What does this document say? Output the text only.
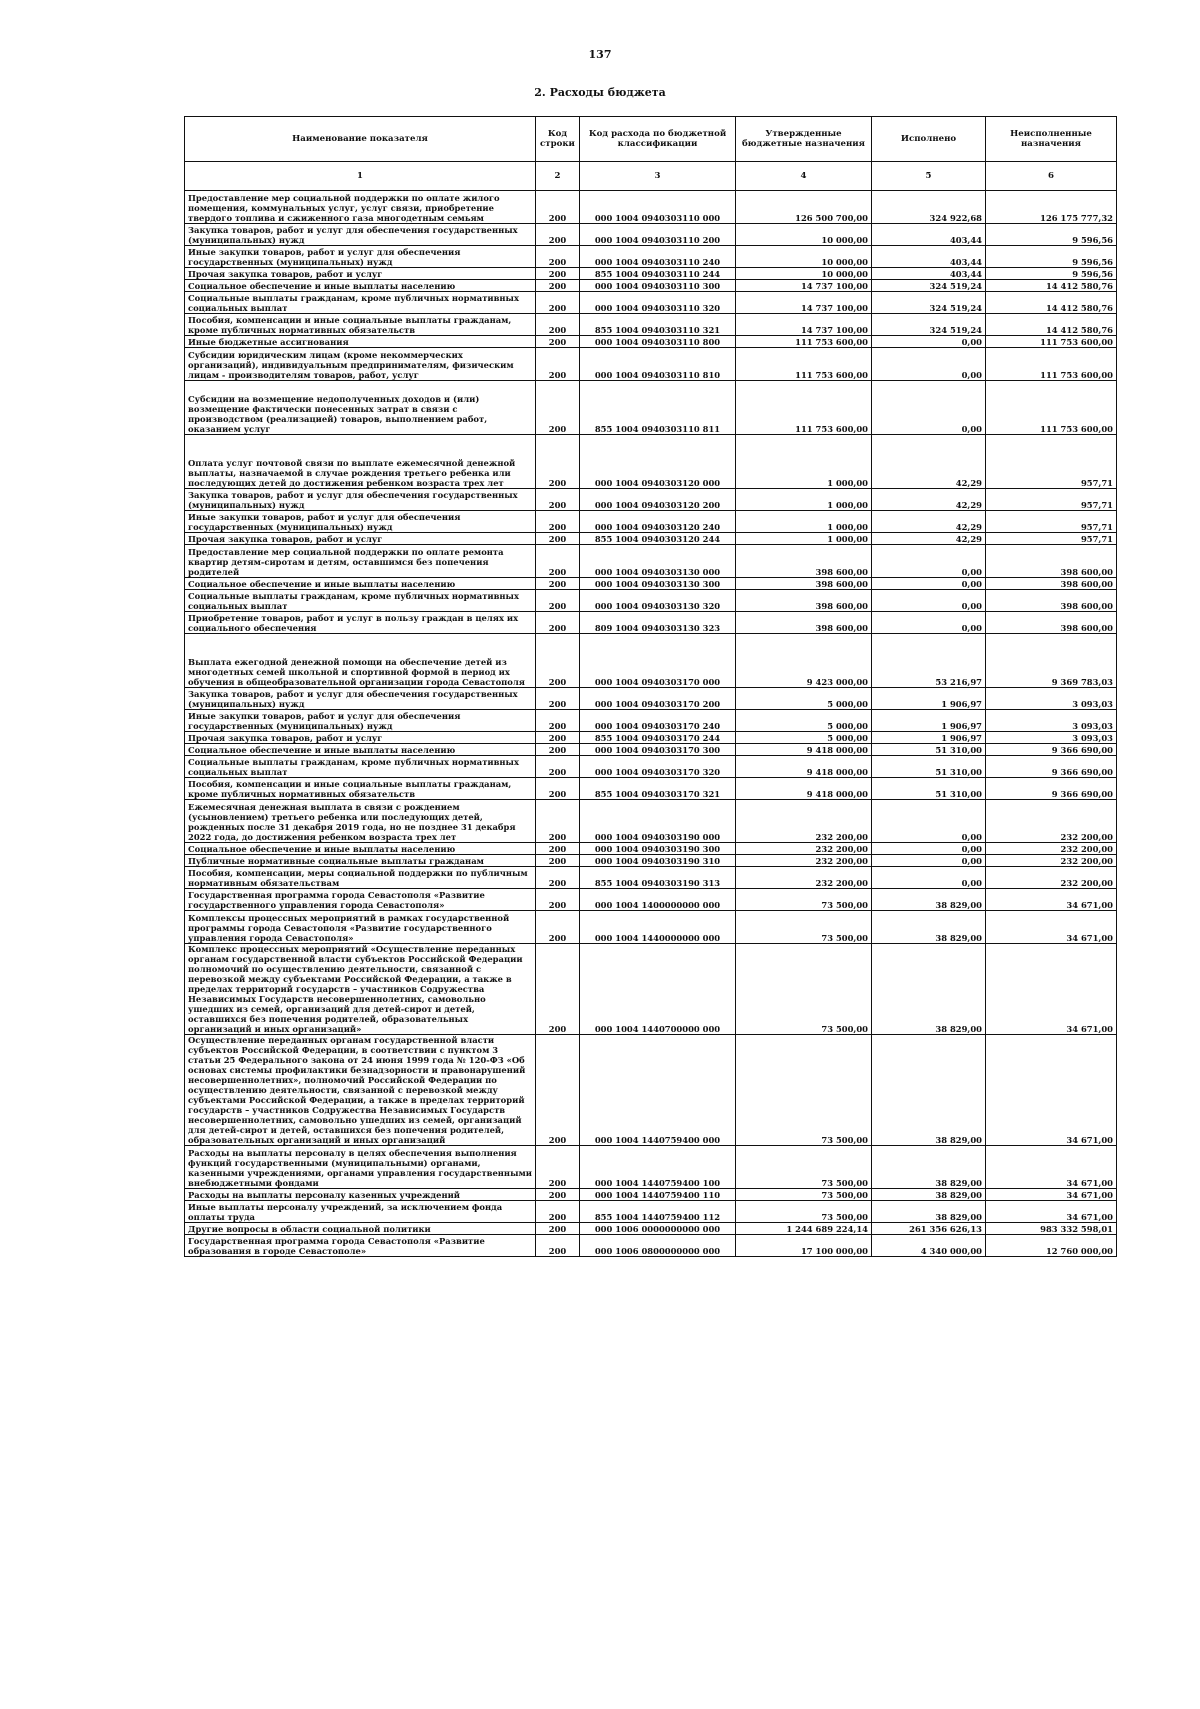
137
2. Расходы бюджета
Наименование показателя	Код строки	Код расхода по бюджетной классификации	Утвержденные бюджетные назначения	Исполнено	Неисполненные назначения
1	2	3	4	5	6
Предоставление мер социальной поддержки по оплате жилого помещения, коммунальных услуг, услуг связи, приобретение твердого топлива и сжиженного газа многодетным семьям	200	000 1004 0940303110 000	126 500 700,00	324 922,68	126 175 777,32
Закупка товаров, работ и услуг для обеспечения государственных (муниципальных) нужд	200	000 1004 0940303110 200	10 000,00	403,44	9 596,56
Иные закупки товаров, работ и услуг для обеспечения государственных (муниципальных) нужд	200	000 1004 0940303110 240	10 000,00	403,44	9 596,56
Прочая закупка товаров, работ и услуг	200	855 1004 0940303110 244	10 000,00	403,44	9 596,56
Социальное обеспечение и иные выплаты населению	200	000 1004 0940303110 300	14 737 100,00	324 519,24	14 412 580,76
Социальные выплаты гражданам, кроме публичных нормативных социальных выплат	200	000 1004 0940303110 320	14 737 100,00	324 519,24	14 412 580,76
Пособия, компенсации и иные социальные выплаты гражданам, кроме публичных нормативных обязательств	200	855 1004 0940303110 321	14 737 100,00	324 519,24	14 412 580,76
Иные бюджетные ассигнования	200	000 1004 0940303110 800	111 753 600,00	0,00	111 753 600,00
Субсидии юридическим лицам (кроме некоммерческих организаций), индивидуальным предпринимателям, физическим лицам - производителям товаров, работ, услуг	200	000 1004 0940303110 810	111 753 600,00	0,00	111 753 600,00
Субсидии на возмещение недополученных доходов и (или) возмещение фактически понесенных затрат в связи с производством (реализацией) товаров, выполнением работ, оказанием услуг	200	855 1004 0940303110 811	111 753 600,00	0,00	111 753 600,00
Оплата услуг почтовой связи по выплате ежемесячной денежной выплаты, назначаемой в случае рождения третьего ребенка или последующих детей до достижения ребенком возраста трех лет	200	000 1004 0940303120 000	1 000,00	42,29	957,71
Закупка товаров, работ и услуг для обеспечения государственных (муниципальных) нужд	200	000 1004 0940303120 200	1 000,00	42,29	957,71
Иные закупки товаров, работ и услуг для обеспечения государственных (муниципальных) нужд	200	000 1004 0940303120 240	1 000,00	42,29	957,71
Прочая закупка товаров, работ и услуг	200	855 1004 0940303120 244	1 000,00	42,29	957,71
Предоставление мер социальной поддержки по оплате ремонта квартир детям-сиротам и детям, оставшимся без попечения родителей	200	000 1004 0940303130 000	398 600,00	0,00	398 600,00
Социальное обеспечение и иные выплаты населению	200	000 1004 0940303130 300	398 600,00	0,00	398 600,00
Социальные выплаты гражданам, кроме публичных нормативных социальных выплат	200	000 1004 0940303130 320	398 600,00	0,00	398 600,00
Приобретение товаров, работ и услуг в пользу граждан в целях их социального обеспечения	200	809 1004 0940303130 323	398 600,00	0,00	398 600,00
Выплата ежегодной денежной помощи на обеспечение детей из многодетных семей школьной и спортивной формой в период их обучения в общеобразовательной организации города Севастополя	200	000 1004 0940303170 000	9 423 000,00	53 216,97	9 369 783,03
Закупка товаров, работ и услуг для обеспечения государственных (муниципальных) нужд	200	000 1004 0940303170 200	5 000,00	1 906,97	3 093,03
Иные закупки товаров, работ и услуг для обеспечения государственных (муниципальных) нужд	200	000 1004 0940303170 240	5 000,00	1 906,97	3 093,03
Прочая закупка товаров, работ и услуг	200	855 1004 0940303170 244	5 000,00	1 906,97	3 093,03
Социальное обеспечение и иные выплаты населению	200	000 1004 0940303170 300	9 418 000,00	51 310,00	9 366 690,00
Социальные выплаты гражданам, кроме публичных нормативных социальных выплат	200	000 1004 0940303170 320	9 418 000,00	51 310,00	9 366 690,00
Пособия, компенсации и иные социальные выплаты гражданам, кроме публичных нормативных обязательств	200	855 1004 0940303170 321	9 418 000,00	51 310,00	9 366 690,00
Ежемесячная денежная выплата в связи с рождением (усыновлением) третьего ребенка или последующих детей, рожденных после 31 декабря 2019 года, но не позднее 31 декабря 2022 года, до достижения ребенком возраста трех лет	200	000 1004 0940303190 000	232 200,00	0,00	232 200,00
Социальное обеспечение и иные выплаты населению	200	000 1004 0940303190 300	232 200,00	0,00	232 200,00
Публичные нормативные социальные выплаты гражданам	200	000 1004 0940303190 310	232 200,00	0,00	232 200,00
Пособия, компенсации, меры социальной поддержки по публичным нормативным обязательствам	200	855 1004 0940303190 313	232 200,00	0,00	232 200,00
Государственная программа города Севастополя «Развитие государственного управления города Севастополя»	200	000 1004 1400000000 000	73 500,00	38 829,00	34 671,00
Комплексы процессных мероприятий в рамках государственной программы города Севастополя «Развитие государственного управления города Севастополя»	200	000 1004 1440000000 000	73 500,00	38 829,00	34 671,00
Комплекс процессных мероприятий «Осуществление переданных органам государственной власти субъектов Российской Федерации полномочий по осуществлению деятельности, связанной с перевозкой между субъектами Российской Федерации, а также в пределах территорий государств – участников Содружества Независимых Государств несовершеннолетних, самовольно ушедших из семей, организаций для детей-сирот и детей, оставшихся без попечения родителей, образовательных организаций и иных организаций»	200	000 1004 1440700000 000	73 500,00	38 829,00	34 671,00
Осуществление переданных органам государственной власти субъектов Российской Федерации, в соответствии с пунктом 3 статьи 25 Федерального закона от 24 июня 1999 года № 120-ФЗ «Об основах системы профилактики безнадзорности и правонарушений несовершеннолетних», полномочий Российской Федерации по осуществлению деятельности, связанной с перевозкой между субъектами Российской Федерации, а также в пределах территорий государств – участников Содружества Независимых Государств несовершеннолетних, самовольно ушедших из семей, организаций для детей-сирот и детей, оставшихся без попечения родителей, образовательных организаций и иных организаций	200	000 1004 1440759400 000	73 500,00	38 829,00	34 671,00
Расходы на выплаты персоналу в целях обеспечения выполнения функций государственными (муниципальными) органами, казенными учреждениями, органами управления государственными внебюджетными фондами	200	000 1004 1440759400 100	73 500,00	38 829,00	34 671,00
Расходы на выплаты персоналу казенных учреждений	200	000 1004 1440759400 110	73 500,00	38 829,00	34 671,00
Иные выплаты персоналу учреждений, за исключением фонда оплаты труда	200	855 1004 1440759400 112	73 500,00	38 829,00	34 671,00
Другие вопросы в области социальной политики	200	000 1006 0000000000 000	1 244 689 224,14	261 356 626,13	983 332 598,01
Государственная программа города Севастополя «Развитие образования в городе Севастополе»	200	000 1006 0800000000 000	17 100 000,00	4 340 000,00	12 760 000,00
